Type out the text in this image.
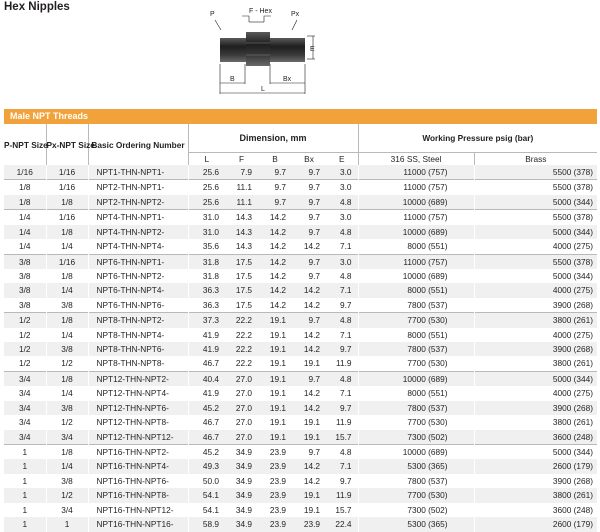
Hex Nipples
P	F - Hex	Px
E
B	Bx
L
Male NPT Threads
P-NPT Size	Px-NPT Size	Basic Ordering Number	Dimension, mm					Working Pressure psig (bar)	
			L	F	B	Bx	E	316 SS, Steel	Brass
1/16	1/16	NPT1-THN-NPT1-	25.6	7.9	9.7	9.7	3.0	11000 (757)	5500 (378)
1/8	1/16	NPT2-THN-NPT1-	25.6	11.1	9.7	9.7	3.0	11000 (757)	5500 (378)
1/8	1/8	NPT2-THN-NPT2-	25.6	11.1	9.7	9.7	4.8	10000 (689)	5000 (344)
1/4	1/16	NPT4-THN-NPT1-	31.0	14.3	14.2	9.7	3.0	11000 (757)	5500 (378)
1/4	1/8	NPT4-THN-NPT2-	31.0	14.3	14.2	9.7	4.8	10000 (689)	5000 (344)
1/4	1/4	NPT4-THN-NPT4-	35.6	14.3	14.2	14.2	7.1	8000 (551)	4000 (275)
3/8	1/16	NPT6-THN-NPT1-	31.8	17.5	14.2	9.7	3.0	11000 (757)	5500 (378)
3/8	1/8	NPT6-THN-NPT2-	31.8	17.5	14.2	9.7	4.8	10000 (689)	5000 (344)
3/8	1/4	NPT6-THN-NPT4-	36.3	17.5	14.2	14.2	7.1	8000 (551)	4000 (275)
3/8	3/8	NPT6-THN-NPT6-	36.3	17.5	14.2	14.2	9.7	7800 (537)	3900 (268)
1/2	1/8	NPT8-THN-NPT2-	37.3	22.2	19.1	9.7	4.8	7700 (530)	3800 (261)
1/2	1/4	NPT8-THN-NPT4-	41.9	22.2	19.1	14.2	7.1	8000 (551)	4000 (275)
1/2	3/8	NPT8-THN-NPT6-	41.9	22.2	19.1	14.2	9.7	7800 (537)	3900 (268)
1/2	1/2	NPT8-THN-NPT8-	46.7	22.2	19.1	19.1	11.9	7700 (530)	3800 (261)
3/4	1/8	NPT12-THN-NPT2-	40.4	27.0	19.1	9.7	4.8	10000 (689)	5000 (344)
3/4	1/4	NPT12-THN-NPT4-	41.9	27.0	19.1	14.2	7.1	8000 (551)	4000 (275)
3/4	3/8	NPT12-THN-NPT6-	45.2	27.0	19.1	14.2	9.7	7800 (537)	3900 (268)
3/4	1/2	NPT12-THN-NPT8-	46.7	27.0	19.1	19.1	11.9	7700 (530)	3800 (261)
3/4	3/4	NPT12-THN-NPT12-	46.7	27.0	19.1	19.1	15.7	7300 (502)	3600 (248)
1	1/8	NPT16-THN-NPT2-	45.2	34.9	23.9	9.7	4.8	10000 (689)	5000 (344)
1	1/4	NPT16-THN-NPT4-	49.3	34.9	23.9	14.2	7.1	5300 (365)	2600 (179)
1	3/8	NPT16-THN-NPT6-	50.0	34.9	23.9	14.2	9.7	7800 (537)	3900 (268)
1	1/2	NPT16-THN-NPT8-	54.1	34.9	23.9	19.1	11.9	7700 (530)	3800 (261)
1	3/4	NPT16-THN-NPT12-	54.1	34.9	23.9	19.1	15.7	7300 (502)	3600 (248)
1	1	NPT16-THN-NPT16-	58.9	34.9	23.9	23.9	22.4	5300 (365)	2600 (179)
